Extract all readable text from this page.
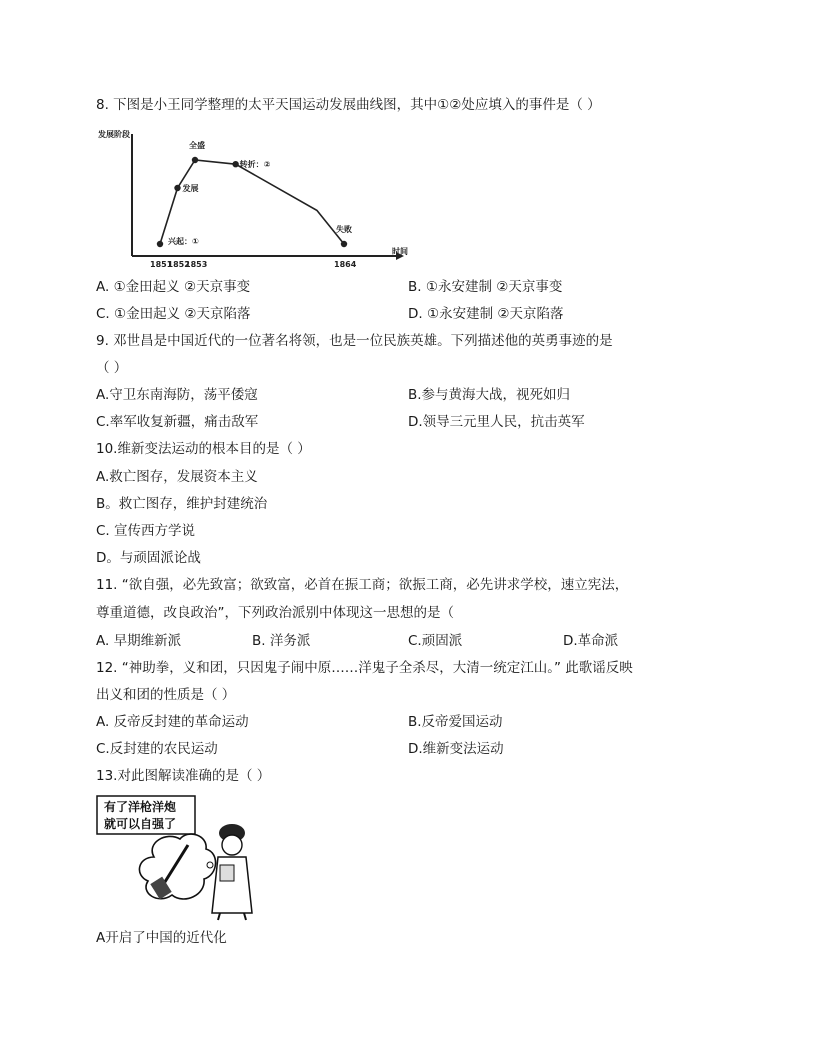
8. 下图是小王同学整理的太平天国运动发展曲线图，其中①②处应填入的事件是（ ）
发展阶段
时间
兴起：①
发展
全盛
转折：②
失败
1851
1852
1853	1864
A. ①金田起义 ②天京事变	B. ①永安建制 ②天京事变
C. ①金田起义 ②天京陷落	D. ①永安建制 ②天京陷落
9. 邓世昌是中国近代的一位著名将领，也是一位民族英雄。下列描述他的英勇事迹的是
（ ）
A.守卫东南海防，荡平倭寇	B.参与黄海大战，视死如归
C.率军收复新疆，痛击敌军	D.领导三元里人民，抗击英军
10.维新变法运动的根本目的是（ ）
A.救亡图存，发展资本主义
B。救亡图存，维护封建统治
C. 宣传西方学说
D。与顽固派论战
11. “欲自强，必先致富；欲致富，必首在振工商；欲振工商，必先讲求学校，速立宪法，
尊重道德，改良政治”，下列政治派别中体现这一思想的是（
A. 早期维新派	B. 洋务派	C.顽固派	D.革命派
12. “神助拳，义和团，只因鬼子闹中原……洋鬼子全杀尽，大清一统定江山。” 此歌谣反映
出义和团的性质是（ ）
A. 反帝反封建的革命运动	B.反帝爱国运动
C.反封建的农民运动	D.维新变法运动
13.对此图解读准确的是（ ）
有了洋枪洋炮
就可以自强了
A开启了中国的近代化
